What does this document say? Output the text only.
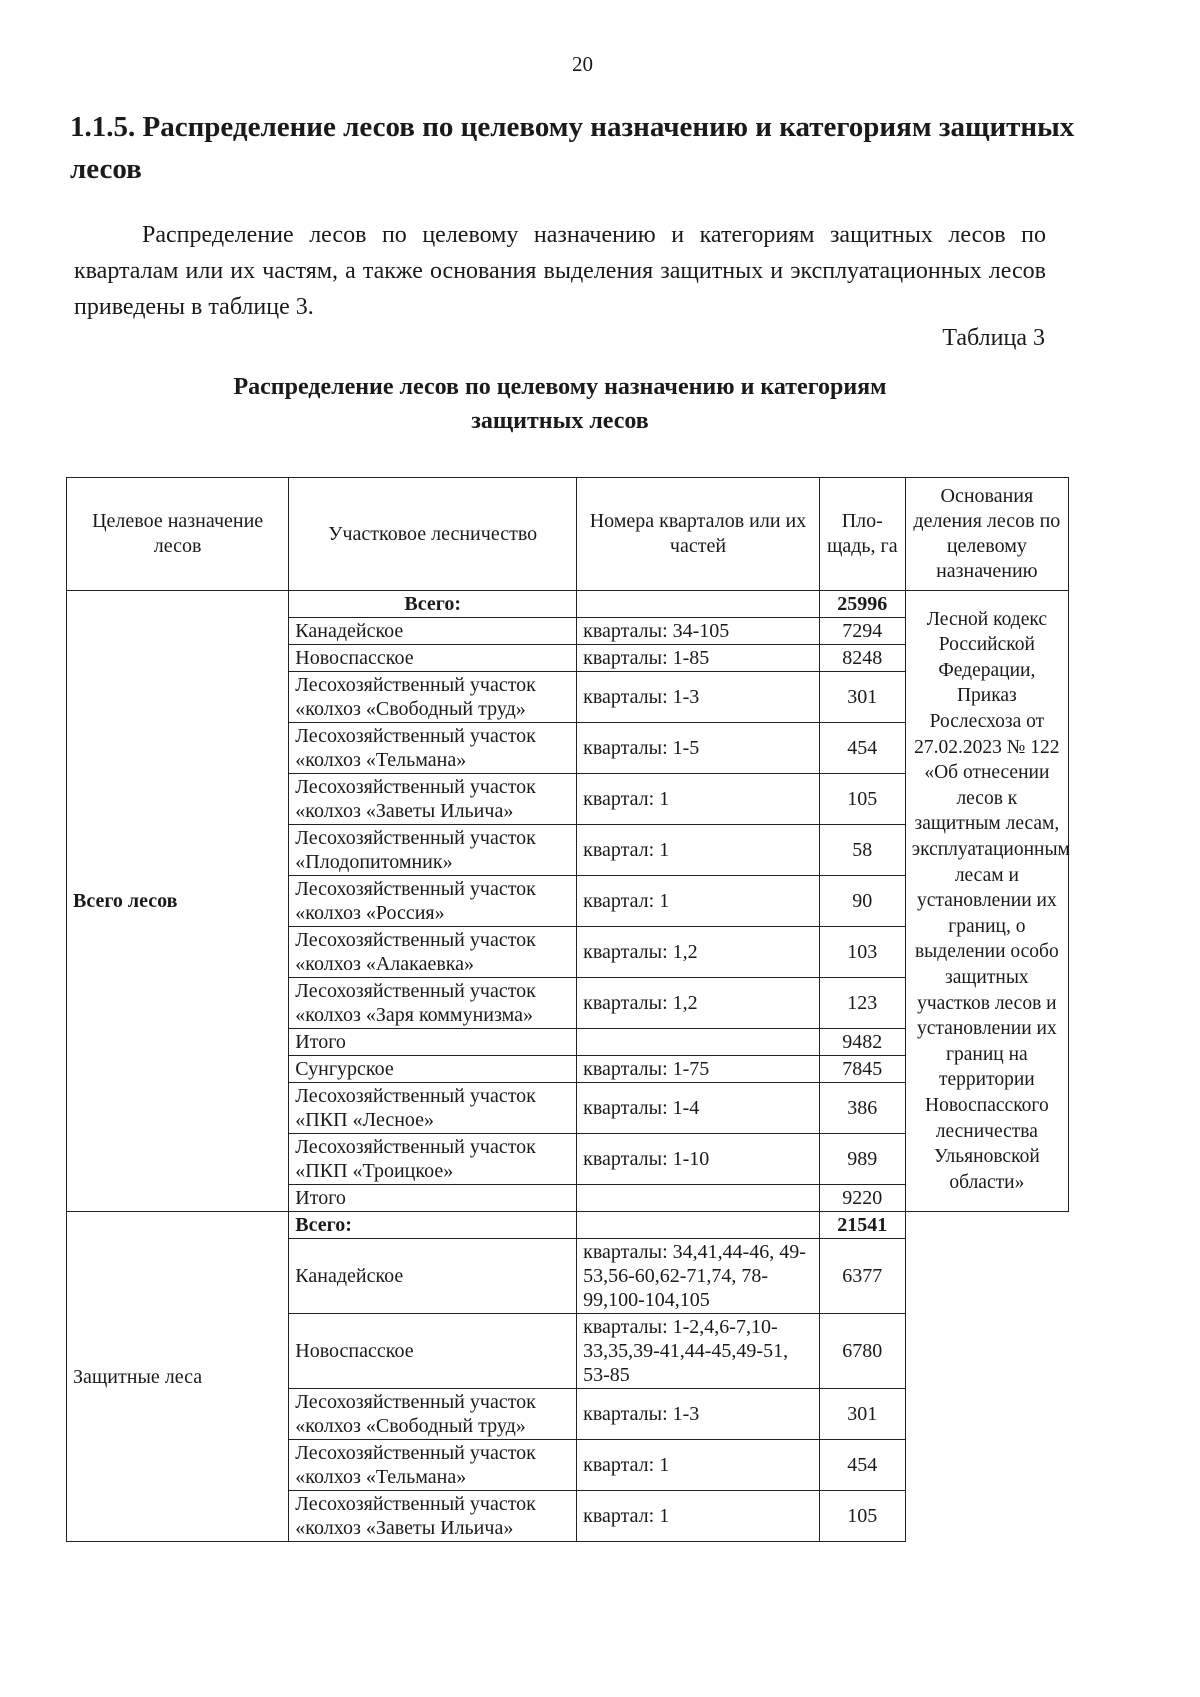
20
1.1.5. Распределение лесов по целевому назначению и категориям защитных лесов
Распределение лесов по целевому назначению и категориям защитных лесов по кварталам или их частям, а также основания выделения защитных и эксплуатационных лесов приведены в таблице 3.
Таблица 3
Распределение лесов по целевому назначению и категориям защитных лесов
Целевое назначение лесов	Участковое лесничество	Номера кварталов или их частей	Пло-щадь, га	Основания деления лесов по целевому назначению
Всего лесов	Всего:		25996	Лесной кодекс Российской Федерации, Приказ Рослесхоза от 27.02.2023 № 122 «Об отнесении лесов к защитным лесам, эксплуатационным лесам и установлении их границ, о выделении особо защитных участков лесов и установлении их границ на территории Новоспасского лесничества Ульяновской области»
	Канадейское	кварталы: 34-105	7294	
	Новоспасское	кварталы: 1-85	8248	
	Лесохозяйственный участок «колхоз «Свободный труд»	кварталы: 1-3	301	
	Лесохозяйственный участок «колхоз «Тельмана»	кварталы: 1-5	454	
	Лесохозяйственный участок «колхоз «Заветы Ильича»	квартал: 1	105	
	Лесохозяйственный участок «Плодопитомник»	квартал: 1	58	
	Лесохозяйственный участок «колхоз «Россия»	квартал: 1	90	
	Лесохозяйственный участок «колхоз «Алакаевка»	кварталы: 1,2	103	
	Лесохозяйственный участок «колхоз «Заря коммунизма»	кварталы: 1,2	123	
	Итого		9482	
	Сунгурское	кварталы: 1-75	7845	
	Лесохозяйственный участок «ПКП «Лесное»	кварталы: 1-4	386	
	Лесохозяйственный участок «ПКП «Троицкое»	кварталы: 1-10	989	
	Итого		9220	
Защитные леса	Всего:		21541	
	Канадейское	кварталы: 34,41,44-46, 49-53,56-60,62-71,74, 78-99,100-104,105	6377	
	Новоспасское	кварталы: 1-2,4,6-7,10-33,35,39-41,44-45,49-51, 53-85	6780	
	Лесохозяйственный участок «колхоз «Свободный труд»	кварталы: 1-3	301	
	Лесохозяйственный участок «колхоз «Тельмана»	квартал: 1	454	
	Лесохозяйственный участок «колхоз «Заветы Ильича»	квартал: 1	105	
